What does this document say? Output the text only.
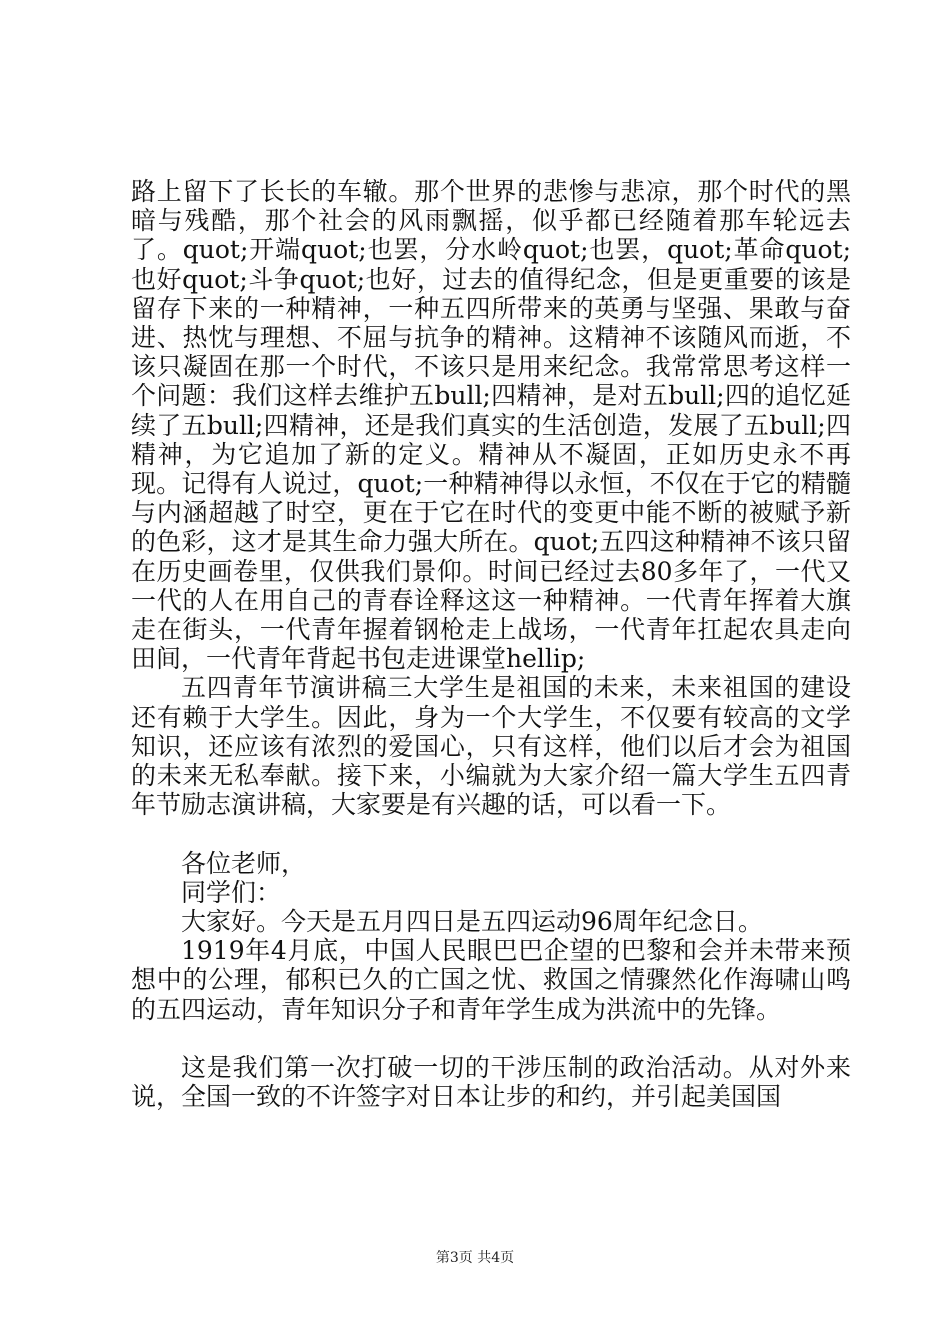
路上留下了长长的车辙。那个世界的悲惨与悲凉，那个时代的黑暗与残酷，那个社会的风雨飘摇，似乎都已经随着那车轮远去了。quot;开端quot;也罢，分水岭quot;也罢，quot;革命quot;也好quot;斗争quot;也好，过去的值得纪念，但是更重要的该是留存下来的一种精神，一种五四所带来的英勇与坚强、果敢与奋进、热忱与理想、不屈与抗争的精神。这精神不该随风而逝，不该只凝固在那一个时代，不该只是用来纪念。我常常思考这样一个问题：我们这样去维护五bull;四精神，是对五bull;四的追忆延续了五bull;四精神，还是我们真实的生活创造，发展了五bull;四精神，为它追加了新的定义。精神从不凝固，正如历史永不再现。记得有人说过，quot;一种精神得以永恒，不仅在于它的精髓与内涵超越了时空，更在于它在时代的变更中能不断的被赋予新的色彩，这才是其生命力强大所在。quot;五四这种精神不该只留在历史画卷里，仅供我们景仰。时间已经过去80多年了，一代又一代的人在用自己的青春诠释这这一种精神。一代青年挥着大旗走在街头，一代青年握着钢枪走上战场，一代青年扛起农具走向田间，一代青年背起书包走进课堂hellip;

五四青年节演讲稿三大学生是祖国的未来，未来祖国的建设还有赖于大学生。因此，身为一个大学生，不仅要有较高的文学知识，还应该有浓烈的爱国心，只有这样，他们以后才会为祖国的未来无私奉献。接下来，小编就为大家介绍一篇大学生五四青年节励志演讲稿，大家要是有兴趣的话，可以看一下。

各位老师，

同学们：

大家好。今天是五月四日是五四运动96周年纪念日。

1919年4月底，中国人民眼巴巴企望的巴黎和会并未带来预想中的公理，郁积已久的亡国之忧、救国之情骤然化作海啸山鸣的五四运动，青年知识分子和青年学生成为洪流中的先锋。

这是我们第一次打破一切的干涉压制的政治活动。从对外来说，全国一致的不许签字对日本让步的和约，并引起美国国

第3页 共4页
